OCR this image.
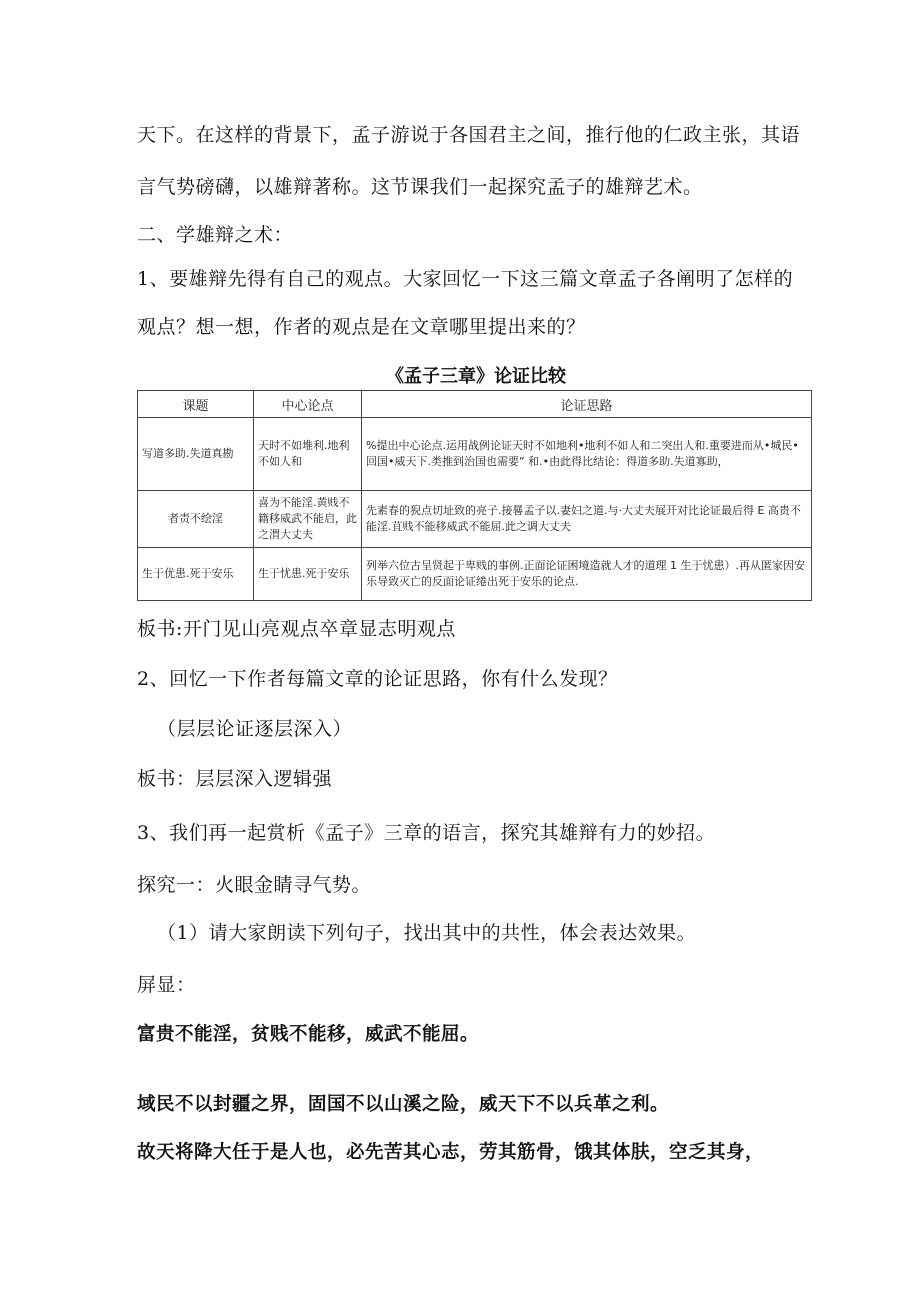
天下。在这样的背景下，孟子游说于各国君主之间，推行他的仁政主张，其语
言气势磅礴，以雄辩著称。这节课我们一起探究孟子的雄辩艺术。
二、学雄辩之术：
1、要雄辩先得有自己的观点。大家回忆一下这三篇文章孟子各阐明了怎样的
观点？想一想，作者的观点是在文章哪里提出来的？
《孟子三章》论证比较
课题	中心论点	论证思路
写道多助.失道真勘	天时不如堆利.地利不如人和	%提出中心论点.运用战例论证天时不如地利•地利不如人和二突出人和.重要进而从•城民•回国•威天下.类推到治国也需要” 和.•由此得比结论：得道多助.失道寡助，
者责不绘淫	喜为不能淫.黄贱不籍移威武不能启，此之渭大丈夫	先素春的猊点切址致的亮子.接晷孟子以.妻妇之道.与·大丈夫展开对比论证最后得 E 高贵不能淫.苴贱不能移威武不能屈.此之调大丈夫
生于优患.死于安乐	生于忧患.死于安乐	列举六位古呈贤起于卑贱的事例.正面论证困境造就人才的道理 1 生于忧患）.再从匿家因安乐导致灭亡的反面论证绻出死于安乐的论点.
板书:开门见山亮观点卒章显志明观点
2、回忆一下作者每篇文章的论证思路，你有什么发现？
（层层论证逐层深入）
板书：层层深入逻辑强
3、我们再一起赏析《孟子》三章的语言，探究其雄辩有力的妙招。
探究一：火眼金睛寻气势。
（1）请大家朗读下列句子，找出其中的共性，体会表达效果。
屏显：
富贵不能淫，贫贱不能移，威武不能屈。
域民不以封疆之界，固国不以山溪之险，威天下不以兵革之利。
故天将降大任于是人也，必先苦其心志，劳其筋骨，饿其体肤，空乏其身，
